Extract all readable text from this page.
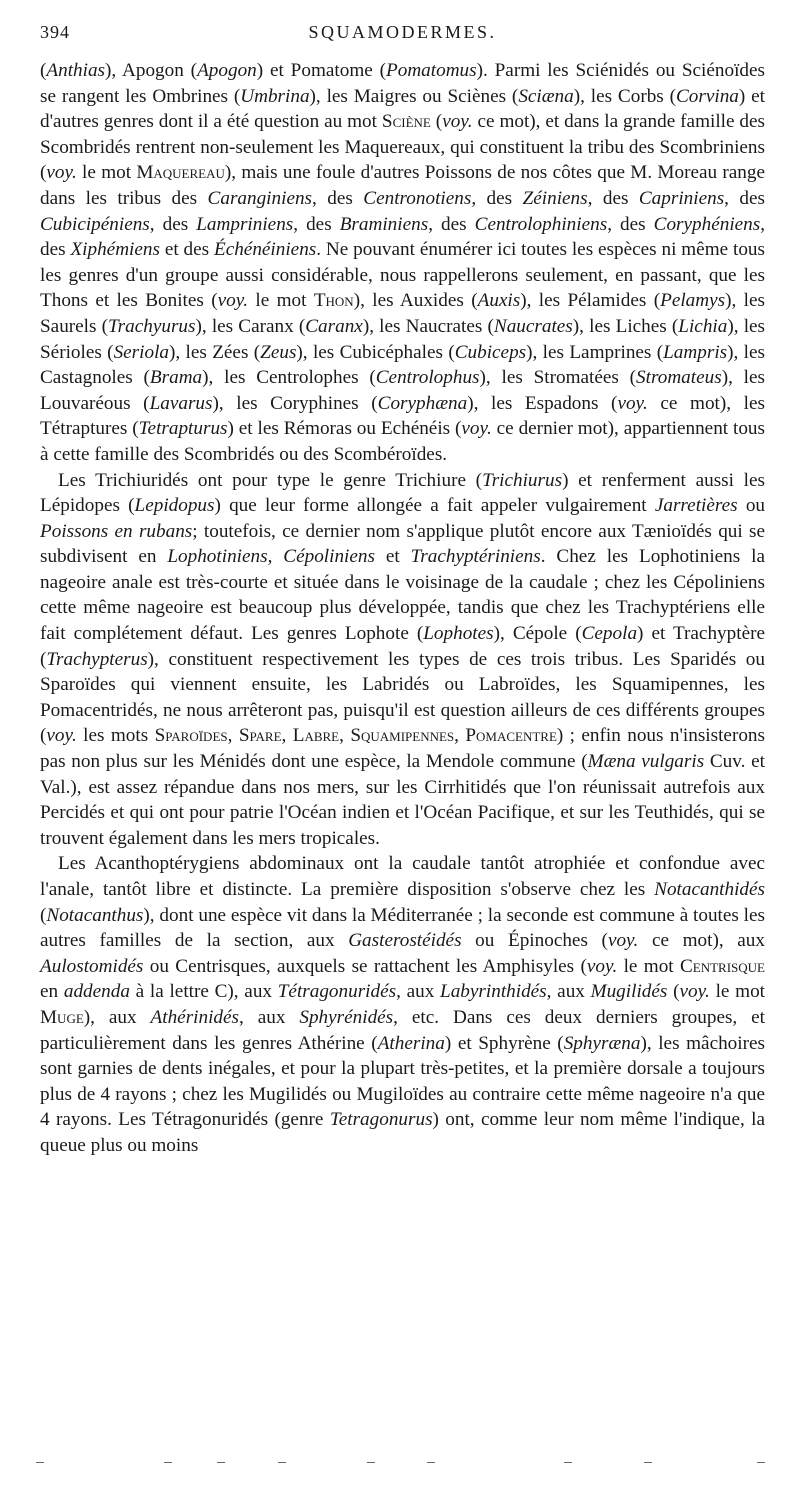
394	SQUAMODERMES.

(Anthias), Apogon (Apogon) et Pomatome (Pomatomus). Parmi les Sciénidés ou Sciénoïdes se rangent les Ombrines (Umbrina), les Maigres ou Sciènes (Sciæna), les Corbs (Corvina) et d'autres genres dont il a été question au mot Sciène (voy. ce mot), et dans la grande famille des Scombridés rentrent non-seulement les Maquereaux, qui constituent la tribu des Scombriniens (voy. le mot Maquereau), mais une foule d'autres Poissons de nos côtes que M. Moreau range dans les tribus des Caranginiens, des Centronotiens, des Zéiniens, des Capriniens, des Cubicipéniens, des Lampriniens, des Braminiens, des Centrolophiniens, des Coryphéniens, des Xiphémiens et des Échénéiniens. Ne pouvant énumérer ici toutes les espèces ni même tous les genres d'un groupe aussi considérable, nous rappellerons seulement, en passant, que les Thons et les Bonites (voy. le mot Thon), les Auxides (Auxis), les Pélamides (Pelamys), les Saurels (Trachyurus), les Caranx (Caranx), les Naucrates (Naucrates), les Liches (Lichia), les Sérioles (Seriola), les Zées (Zeus), les Cubicéphales (Cubiceps), les Lamprines (Lampris), les Castagnoles (Brama), les Centrolophes (Centrolophus), les Stromatées (Stromateus), les Louvaréous (Lavarus), les Coryphines (Coryphæna), les Espadons (voy. ce mot), les Tétraptures (Tetrapturus) et les Rémoras ou Echénéis (voy. ce dernier mot), appartiennent tous à cette famille des Scombridés ou des Scombéroïdes.

Les Trichiuridés ont pour type le genre Trichiure (Trichiurus) et renferment aussi les Lépidopes (Lepidopus) que leur forme allongée a fait appeler vulgairement Jarretières ou Poissons en rubans; toutefois, ce dernier nom s'applique plutôt encore aux Tænioïdés qui se subdivisent en Lophotiniens, Cépoliniens et Trachyptériniens. Chez les Lophotiniens la nageoire anale est très-courte et située dans le voisinage de la caudale ; chez les Cépoliniens cette même nageoire est beaucoup plus développée, tandis que chez les Trachyptériens elle fait complétement défaut. Les genres Lophote (Lophotes), Cépole (Cepola) et Trachyptère (Trachypterus), constituent respectivement les types de ces trois tribus. Les Sparidés ou Sparoïdes qui viennent ensuite, les Labridés ou Labroïdes, les Squamipennes, les Pomacentridés, ne nous arrêteront pas, puisqu'il est question ailleurs de ces différents groupes (voy. les mots Sparoïdes, Spare, Labre, Squamipennes, Pomacentre) ; enfin nous n'insisterons pas non plus sur les Ménidés dont une espèce, la Mendole commune (Mæna vulgaris Cuv. et Val.), est assez répandue dans nos mers, sur les Cirrhitidés que l'on réunissait autrefois aux Percidés et qui ont pour patrie l'Océan indien et l'Océan Pacifique, et sur les Teuthidés, qui se trouvent également dans les mers tropicales.

Les Acanthoptérygiens abdominaux ont la caudale tantôt atrophiée et confondue avec l'anale, tantôt libre et distincte. La première disposition s'observe chez les Notacanthidés (Notacanthus), dont une espèce vit dans la Méditerranée ; la seconde est commune à toutes les autres familles de la section, aux Gasterostéidés ou Épinoches (voy. ce mot), aux Aulostomidés ou Centrisques, auxquels se rattachent les Amphisyles (voy. le mot Centrisque en addenda à la lettre C), aux Tétragonuridés, aux Labyrinthidés, aux Mugilidés (voy. le mot Muge), aux Athérinidés, aux Sphyrénidés, etc. Dans ces deux derniers groupes, et particulièrement dans les genres Athérine (Atherina) et Sphyrène (Sphyræna), les mâchoires sont garnies de dents inégales, et pour la plupart très-petites, et la première dorsale a toujours plus de 4 rayons ; chez les Mugilidés ou Mugiloïdes au contraire cette même nageoire n'a que 4 rayons. Les Tétragonuridés (genre Tetragonurus) ont, comme leur nom même l'indique, la queue plus ou moins
